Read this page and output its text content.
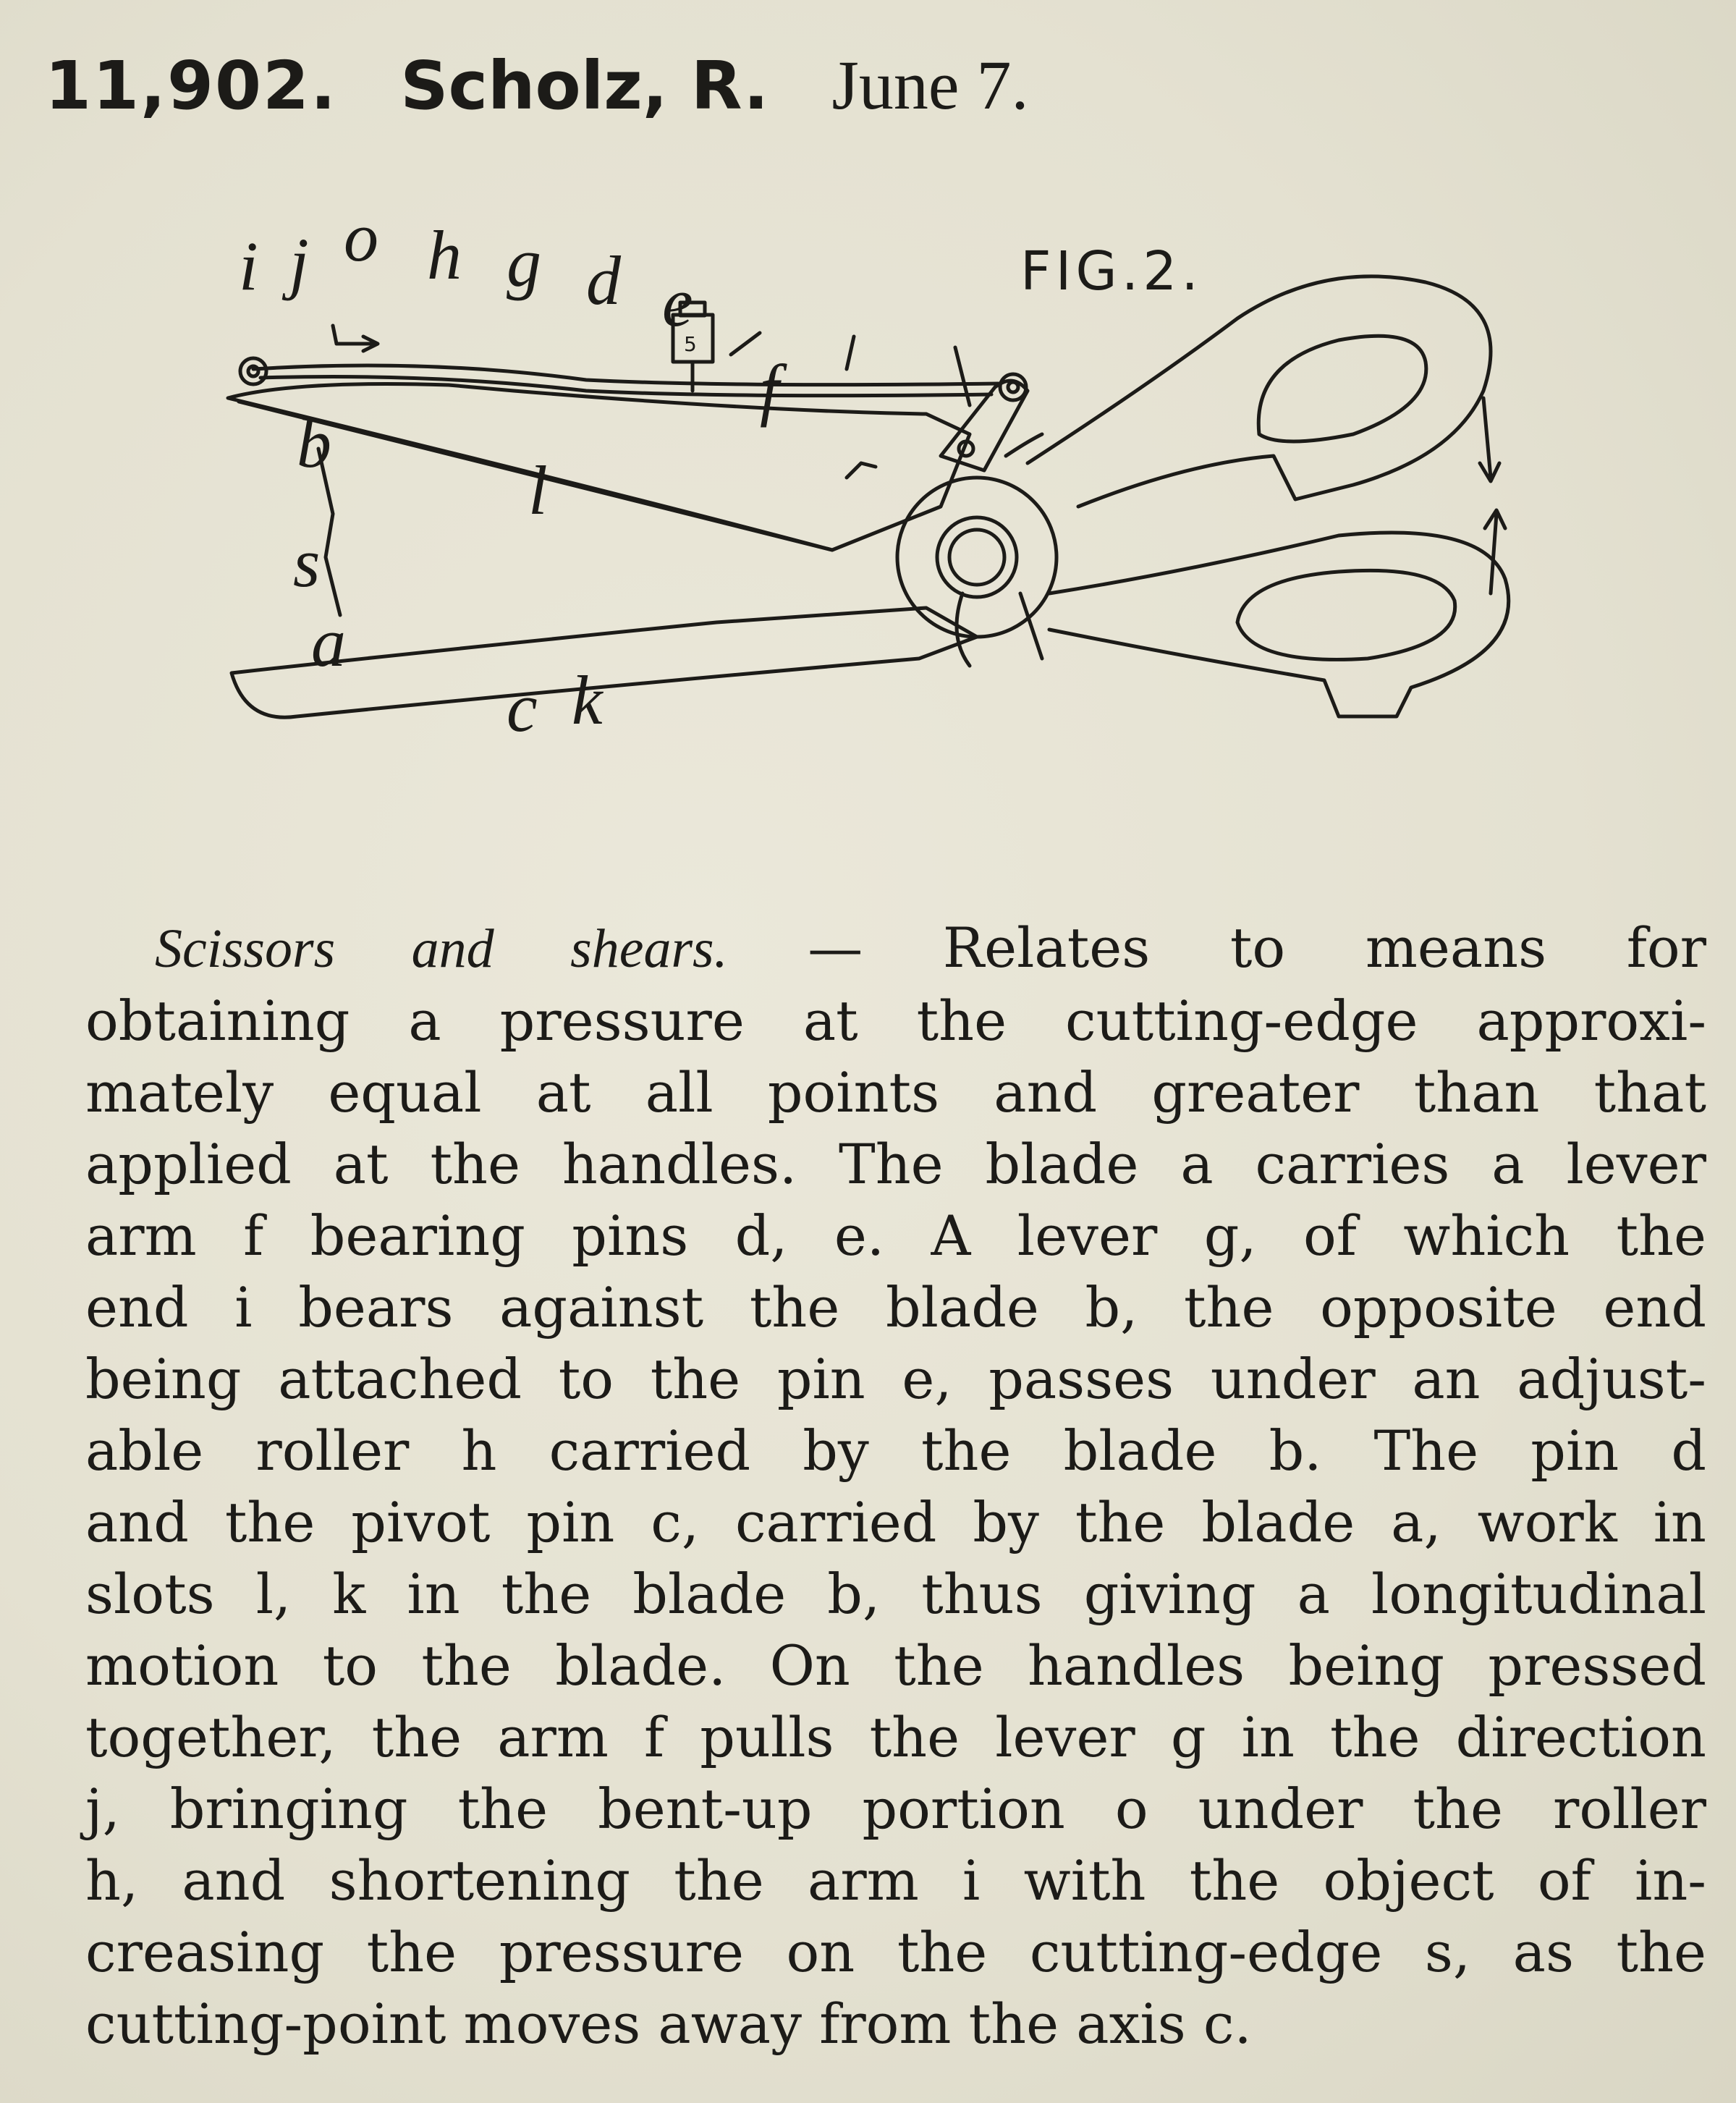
11,902. Scholz, R. June 7.
i j o h g d e
f
b
l
s
a
c k
5
FIG.2.
Scissors and shears. — Relates to means for
obtaining a pressure at the cutting-edge approxi-
mately equal at all points and greater than that
applied at the handles. The blade a carries a lever
arm f bearing pins d, e. A lever g, of which the
end i bears against the blade b, the opposite end
being attached to the pin e, passes under an adjust-
able roller h carried by the blade b. The pin d
and the pivot pin c, carried by the blade a, work in
slots l, k in the blade b, thus giving a longitudinal
motion to the blade. On the handles being pressed
together, the arm f pulls the lever g in the direction
j, bringing the bent-up portion o under the roller
h, and shortening the arm i with the object of in-
creasing the pressure on the cutting-edge s, as the
cutting-point moves away from the axis c.
